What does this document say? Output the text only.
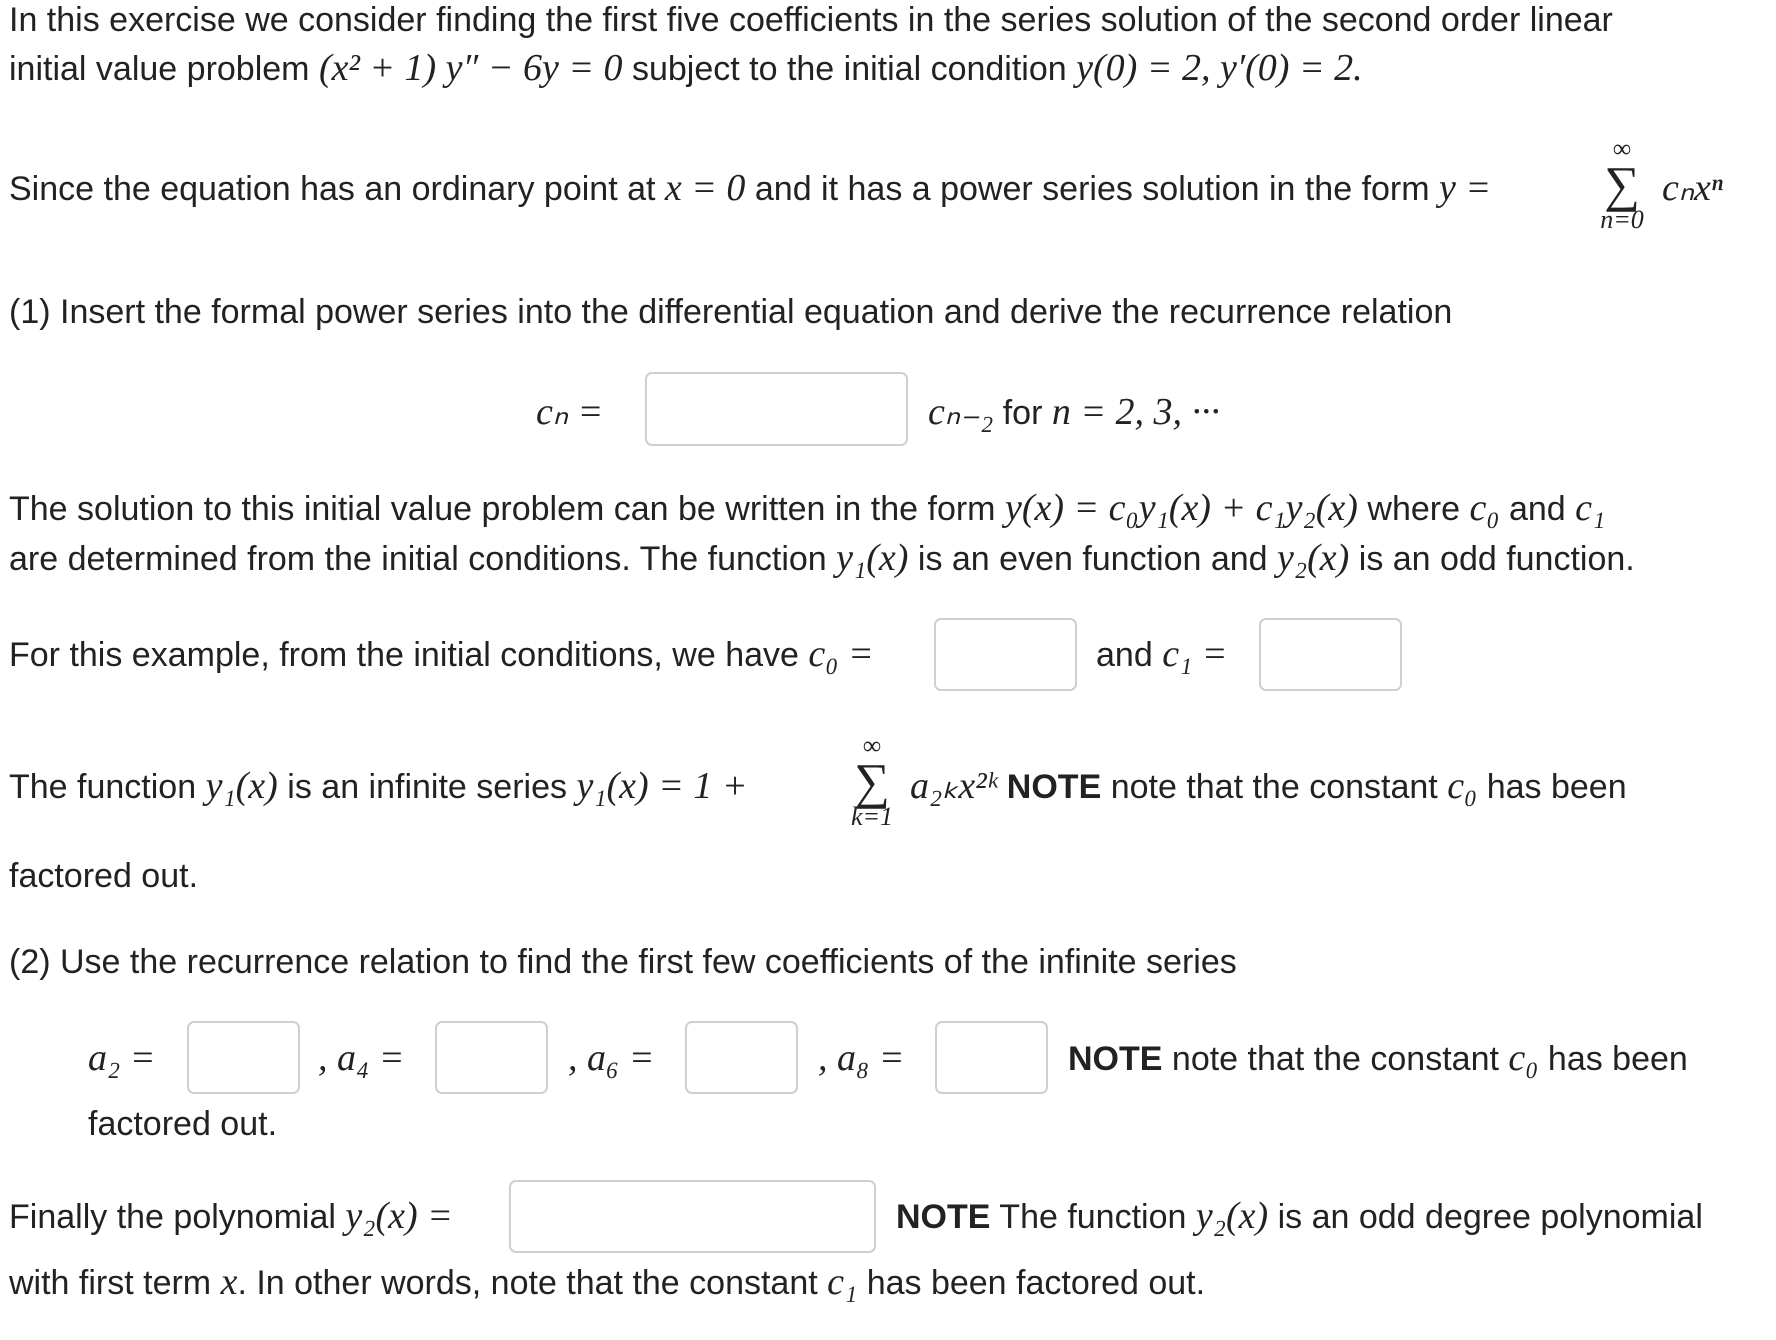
In this exercise we consider finding the first five coefficients in the series solution of the second order linear
initial value problem (x² + 1) y″ − 6y = 0 subject to the initial condition y(0) = 2, y′(0) = 2.
Since the equation has an ordinary point at x = 0 and it has a power series solution in the form y =
∞
∑
n=0
cₙxⁿ
(1) Insert the formal power series into the differential equation and derive the recurrence relation
cₙ =	cₙ₋₂ for n = 2, 3, ···
The solution to this initial value problem can be written in the form y(x) = c₀y₁(x) + c₁y₂(x) where c₀ and c₁
are determined from the initial conditions. The function y₁(x) is an even function and y₂(x) is an odd function.
For this example, from the initial conditions, we have c₀ =	and c₁ =
The function y₁(x) is an infinite series y₁(x) = 1 +
∞
∑
k=1
a₂ₖx²ᵏ NOTE note that the constant c₀ has been
factored out.
(2) Use the recurrence relation to find the first few coefficients of the infinite series
a₂ =	, a₄ =	, a₆ =	, a₈ =	NOTE note that the constant c₀ has been
factored out.
Finally the polynomial y₂(x) =	NOTE The function y₂(x) is an odd degree polynomial
with first term x. In other words, note that the constant c₁ has been factored out.
